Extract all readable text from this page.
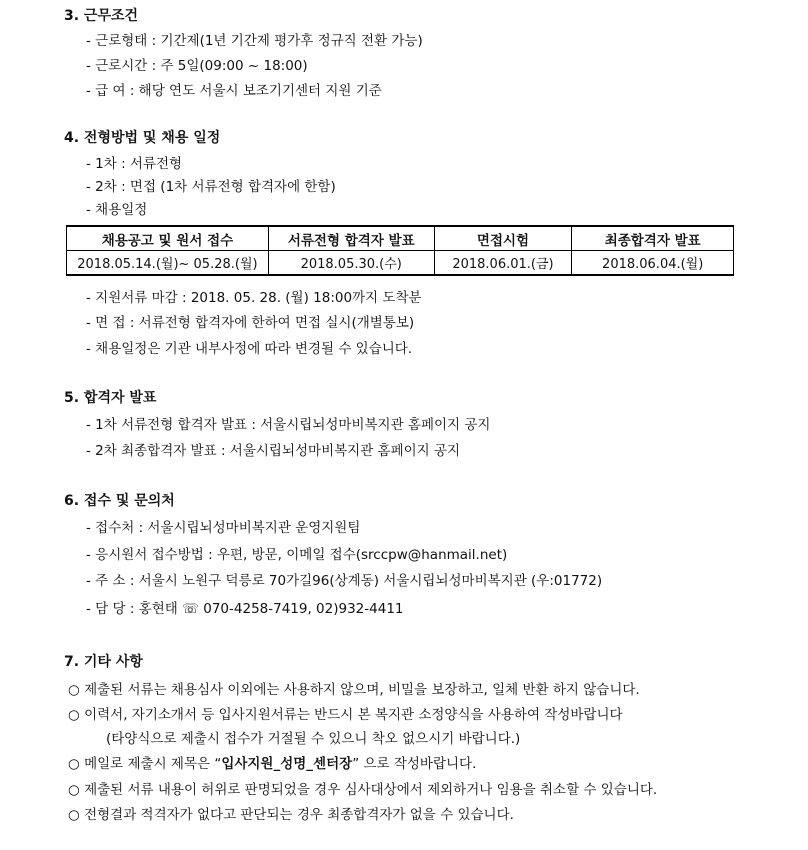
3. 근무조건
- 근로형태 : 기간제(1년 기간제 평가후 정규직 전환 가능)
- 근로시간 : 주 5일(09:00 ~ 18:00)
- 급 여 : 해당 연도 서울시 보조기기센터 지원 기준
4. 전형방법 및 채용 일정
- 1차 : 서류전형
- 2차 : 면접 (1차 서류전형 합격자에 한함)
- 채용일정
채용공고 및 원서 접수	서류전형 합격자 발표	면접시험	최종합격자 발표
2018.05.14.(월)~ 05.28.(월)	2018.05.30.(수)	2018.06.01.(금)	2018.06.04.(월)
- 지원서류 마감 : 2018. 05. 28. (월) 18:00까지 도착분
- 면 접 : 서류전형 합격자에 한하여 면접 실시(개별통보)
- 채용일정은 기관 내부사정에 따라 변경될 수 있습니다.
5. 합격자 발표
- 1차 서류전형 합격자 발표 : 서울시립뇌성마비복지관 홈페이지 공지
- 2차 최종합격자 발표 : 서울시립뇌성마비복지관 홈페이지 공지
6. 접수 및 문의처
- 접수처 : 서울시립뇌성마비복지관 운영지원팀
- 응시원서 접수방법 : 우편, 방문, 이메일 접수(srccpw@hanmail.net)
- 주 소 : 서울시 노원구 덕릉로 70가길96(상계동) 서울시립뇌성마비복지관 (우:01772)
- 담 당 : 홍현태 ☏ 070-4258-7419, 02)932-4411
7. 기타 사항
○ 제출된 서류는 채용심사 이외에는 사용하지 않으며, 비밀을 보장하고, 일체 반환 하지 않습니다.
○ 이력서, 자기소개서 등 입사지원서류는 반드시 본 복지관 소정양식을 사용하여 작성바랍니다
(타양식으로 제출시 접수가 거절될 수 있으니 착오 없으시기 바랍니다.)
○ 메일로 제출시 제목은 “입사지원_성명_센터장” 으로 작성바랍니다.
○ 제출된 서류 내용이 허위로 판명되었을 경우 심사대상에서 제외하거나 임용을 취소할 수 있습니다.
○ 전형결과 적격자가 없다고 판단되는 경우 최종합격자가 없을 수 있습니다.
